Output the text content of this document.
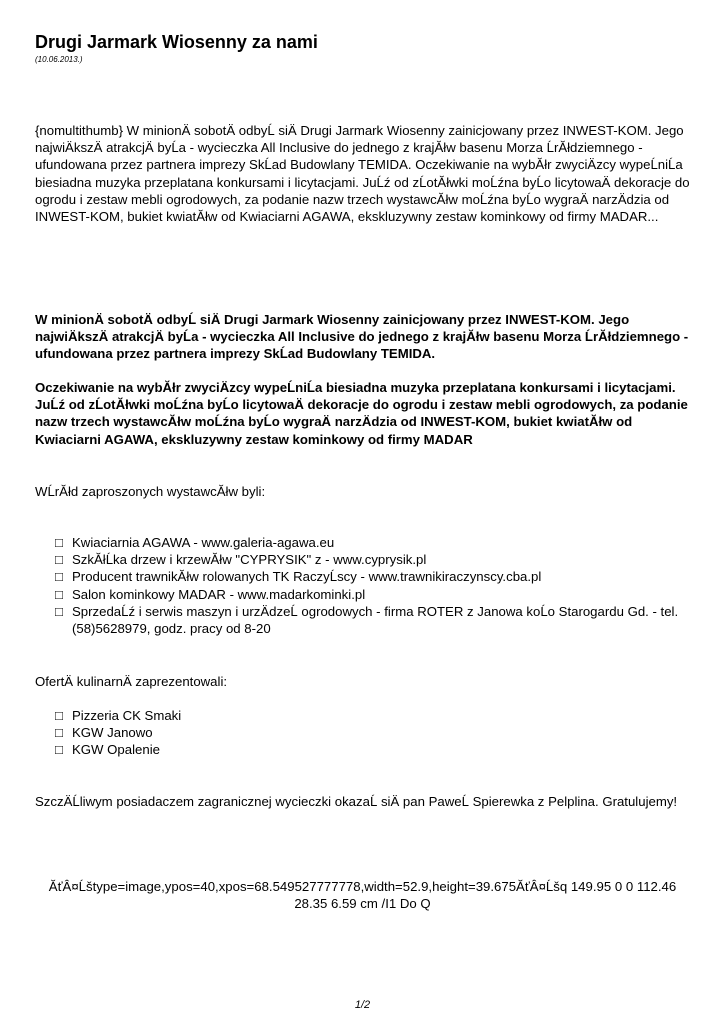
Drugi Jarmark Wiosenny za nami
(10.06.2013.)

{nomultithumb} W minionÄ sobotÄ odbyĹ siÄ Drugi Jarmark Wiosenny zainicjowany przez INWEST-KOM. Jego najwiÄkszÄ atrakcjÄ byĹa - wycieczka All Inclusive do jednego z krajĂłw basenu Morza ĹrĂłdziemnego - ufundowana przez partnera imprezy SkĹad Budowlany TEMIDA. Oczekiwanie na wybĂłr zwyciÄzcy wypeĹniĹa biesiadna muzyka przeplatana konkursami i licytacjami. JuĹź od zĹotĂłwki moĹźna byĹo licytowaÄ dekoracje do ogrodu i zestaw mebli ogrodowych, za podanie nazw trzech wystawcĂłw moĹźna byĹo wygraÄ narzÄdzia od INWEST-KOM, bukiet kwiatĂłw od Kwiaciarni AGAWA, ekskluzywny zestaw kominkowy od firmy MADAR...

W minionÄ sobotÄ odbyĹ siÄ Drugi Jarmark Wiosenny zainicjowany przez INWEST-KOM. Jego najwiÄkszÄ atrakcjÄ byĹa - wycieczka All Inclusive do jednego z krajĂłw basenu Morza ĹrĂłdziemnego - ufundowana przez partnera imprezy SkĹad Budowlany TEMIDA.

Oczekiwanie na wybĂłr zwyciÄzcy wypeĹniĹa biesiadna muzyka przeplatana konkursami i licytacjami. JuĹź od zĹotĂłwki moĹźna byĹo licytowaÄ dekoracje do ogrodu i zestaw mebli ogrodowych, za podanie nazw trzech wystawcĂłw moĹźna byĹo wygraÄ narzÄdzia od INWEST-KOM, bukiet kwiatĂłw od Kwiaciarni AGAWA, ekskluzywny zestaw kominkowy od firmy MADAR

WĹrĂłd zaproszonych wystawcĂłw byli:

□ Kwiaciarnia AGAWA - www.galeria-agawa.eu
□ SzkĂłĹka drzew i krzewĂłw "CYPRYSIK" z - www.cyprysik.pl
□ Producent trawnikĂłw rolowanych TK RaczyĹscy - www.trawnikiraczynscy.cba.pl
□ Salon kominkowy MADAR - www.madarkominki.pl
□ SprzedaĹź i serwis maszyn i urzÄdzeĹ ogrodowych - firma ROTER z Janowa koĹo Starogardu Gd. - tel.(58)5628979, godz. pracy od 8-20

OfertÄ kulinarnÄ zaprezentowali:

□ Pizzeria CK Smaki
□ KGW Janowo
□ KGW Opalenie

SzczÄĹliwym posiadaczem zagranicznej wycieczki okazaĹ siÄ pan PaweĹ Spierewka z Pelplina. Gratulujemy!

ĂťÂ¤Ĺštype=image,ypos=40,xpos=68.549527777778,width=52.9,height=39.675ĂťÂ¤Ĺšq 149.95 0 0 112.46 28.35 6.59 cm /I1 Do Q
1/2
